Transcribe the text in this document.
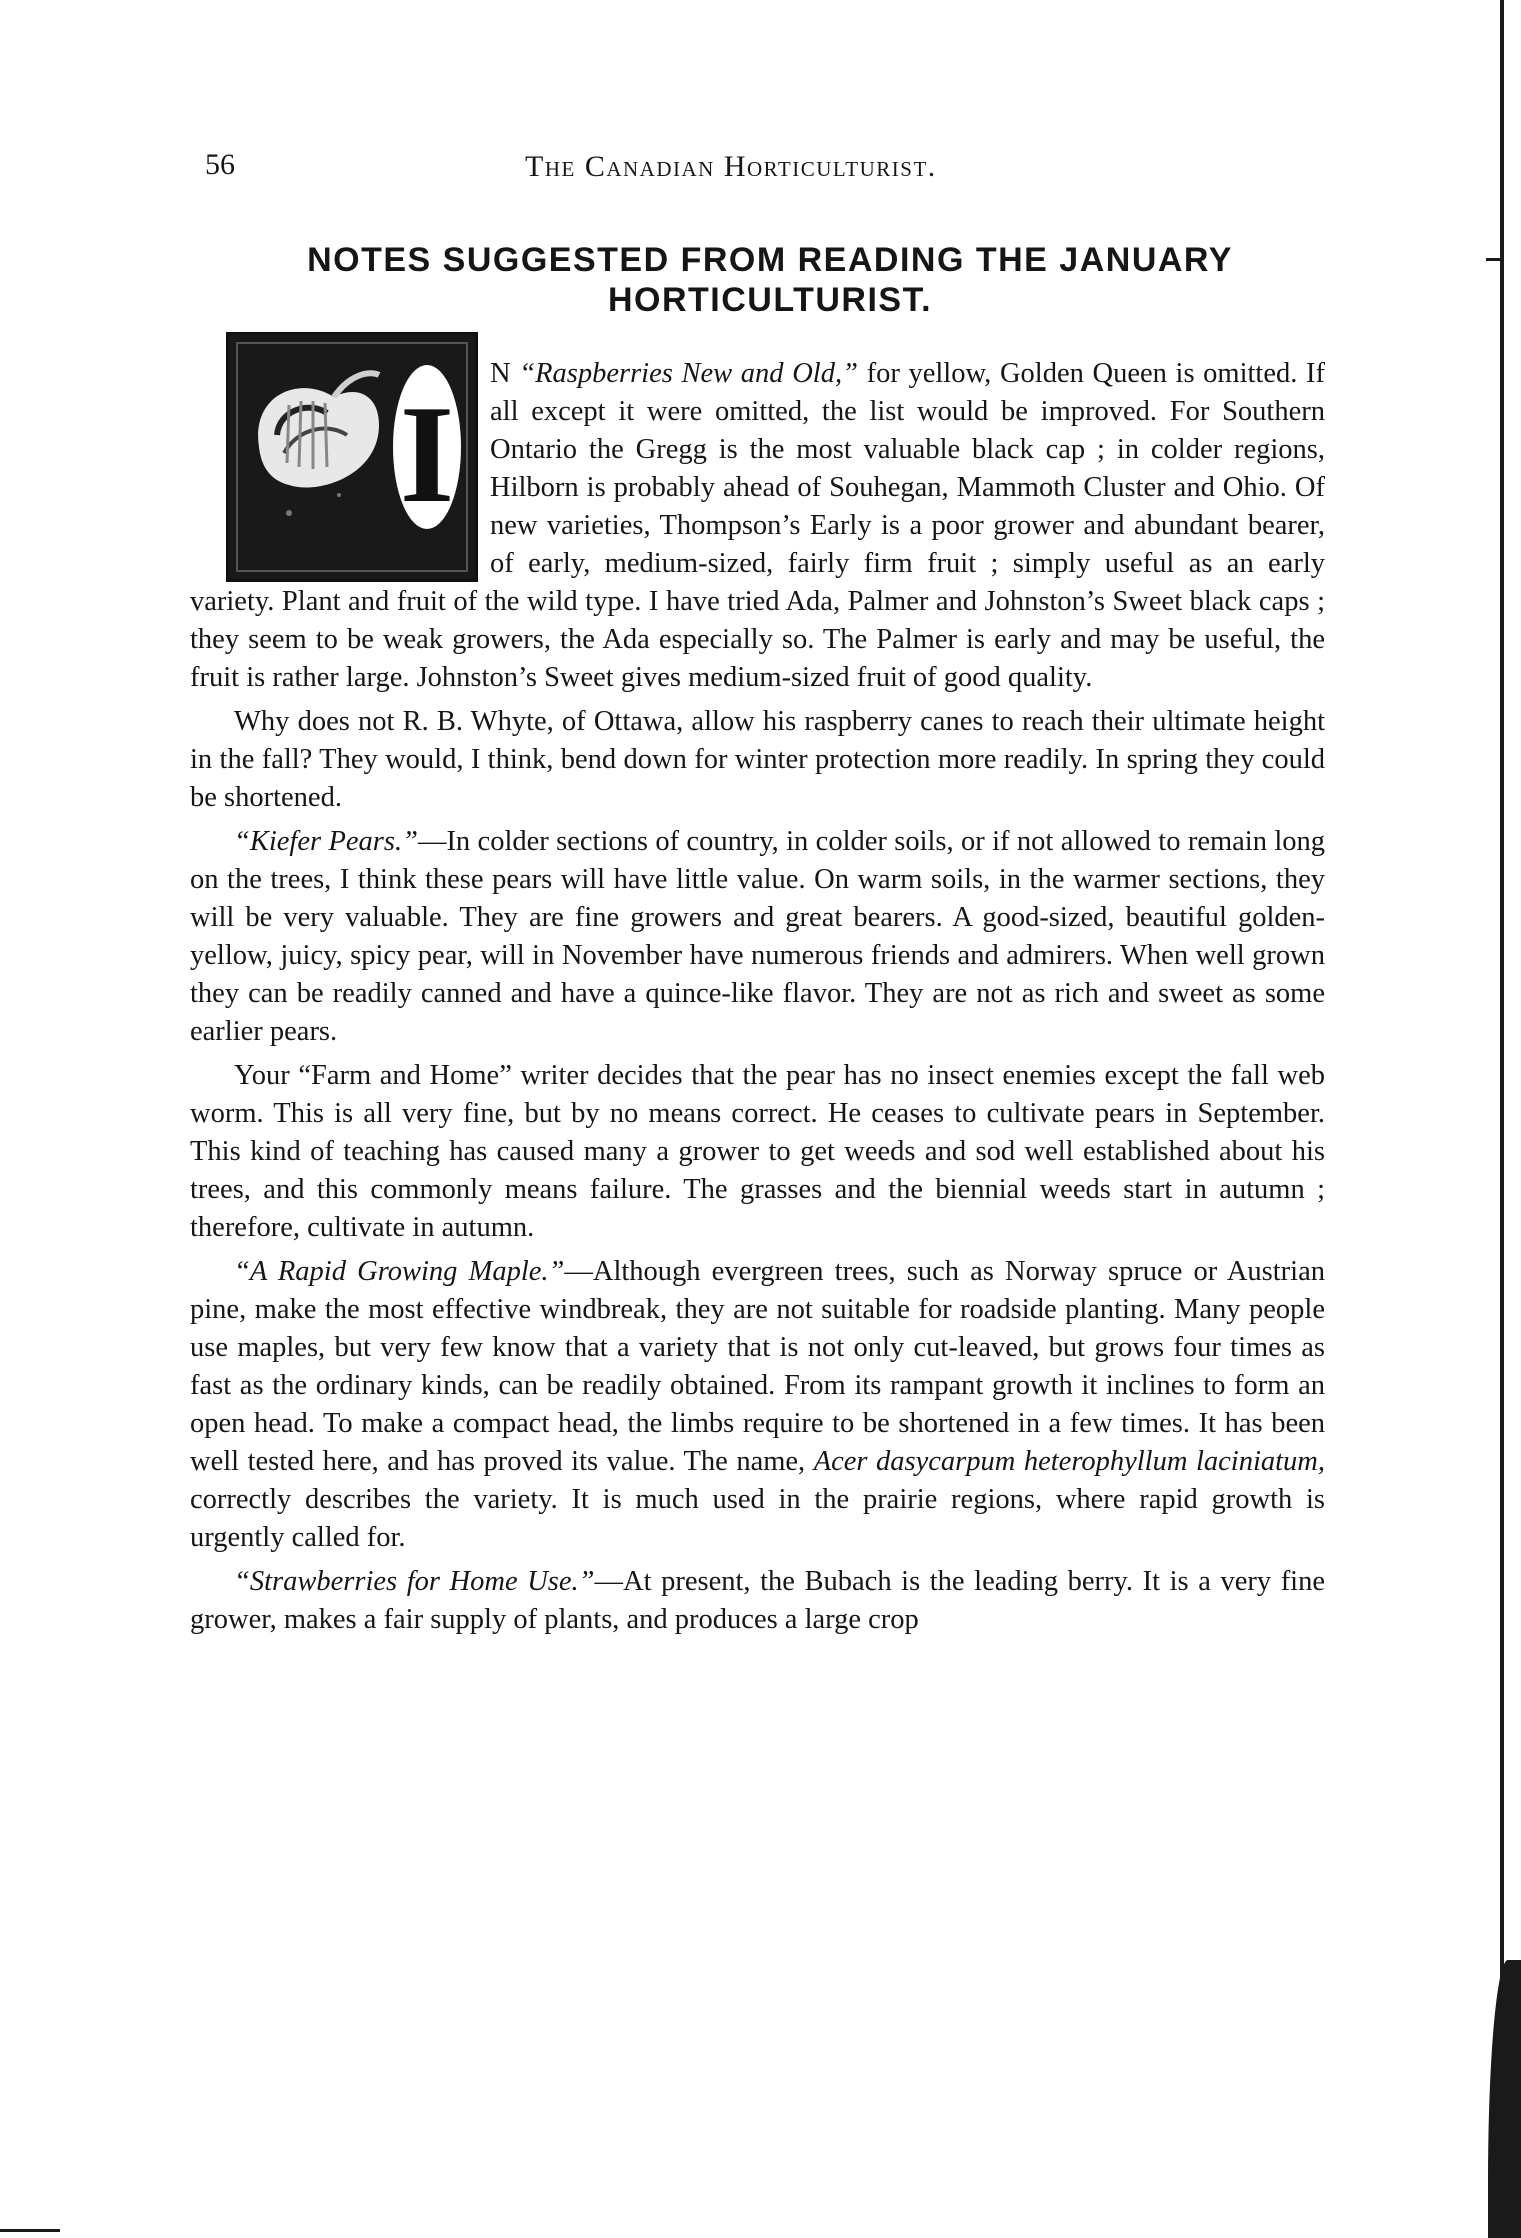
56	The Canadian Horticulturist.
NOTES SUGGESTED FROM READING THE JANUARY HORTICULTURIST.
I

N “Raspberries New and Old,” for yellow, Golden Queen is omitted. If all except it were omitted, the list would be improved. For Southern Ontario the Gregg is the most valuable black cap ; in colder regions, Hilborn is probably ahead of Souhegan, Mammoth Cluster and Ohio. Of new varieties, Thompson’s Early is a poor grower and abundant bearer, of early, medium-sized, fairly firm fruit ; simply useful as an early variety. Plant and fruit of the wild type. I have tried Ada, Palmer and Johnston’s Sweet black caps ; they seem to be weak growers, the Ada especially so. The Palmer is early and may be useful, the fruit is rather large. Johnston’s Sweet gives medium-sized fruit of good quality.

Why does not R. B. Whyte, of Ottawa, allow his raspberry canes to reach their ultimate height in the fall? They would, I think, bend down for winter protection more readily. In spring they could be shortened.

“Kiefer Pears.”—In colder sections of country, in colder soils, or if not allowed to remain long on the trees, I think these pears will have little value. On warm soils, in the warmer sections, they will be very valuable. They are fine growers and great bearers. A good-sized, beautiful golden-yellow, juicy, spicy pear, will in November have numerous friends and admirers. When well grown they can be readily canned and have a quince-like flavor. They are not as rich and sweet as some earlier pears.

Your “Farm and Home” writer decides that the pear has no insect enemies except the fall web worm. This is all very fine, but by no means correct. He ceases to cultivate pears in September. This kind of teaching has caused many a grower to get weeds and sod well established about his trees, and this commonly means failure. The grasses and the biennial weeds start in autumn ; therefore, cultivate in autumn.

“A Rapid Growing Maple.”—Although evergreen trees, such as Norway spruce or Austrian pine, make the most effective windbreak, they are not suitable for roadside planting. Many people use maples, but very few know that a variety that is not only cut-leaved, but grows four times as fast as the ordinary kinds, can be readily obtained. From its rampant growth it inclines to form an open head. To make a compact head, the limbs require to be shortened in a few times. It has been well tested here, and has proved its value. The name, Acer dasycarpum heterophyllum laciniatum, correctly describes the variety. It is much used in the prairie regions, where rapid growth is urgently called for.

“Strawberries for Home Use.”—At present, the Bubach is the leading berry. It is a very fine grower, makes a fair supply of plants, and produces a large crop
